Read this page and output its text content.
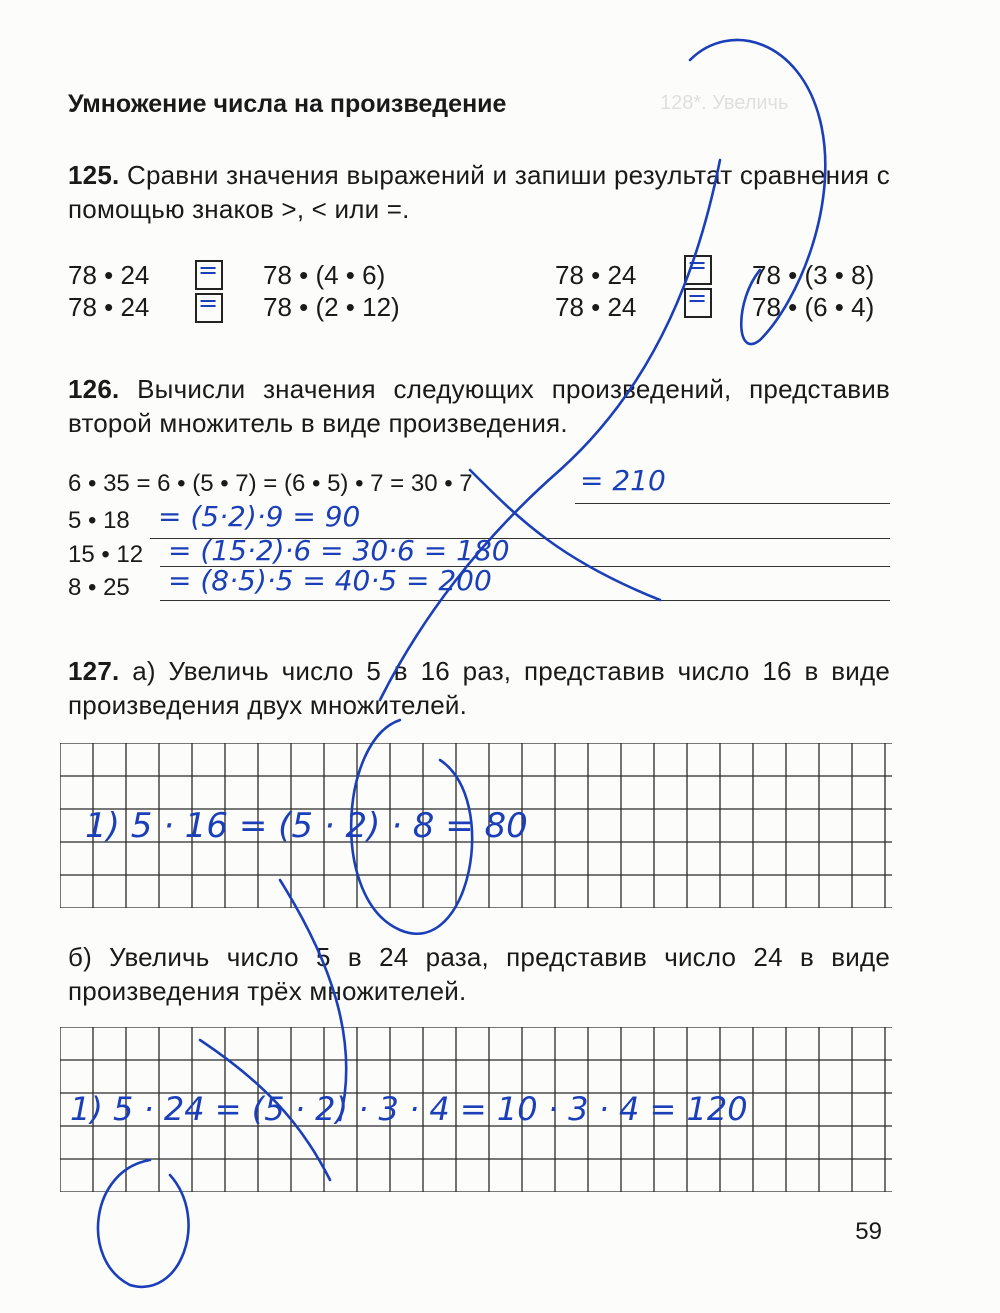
128*. Увеличь
Умножение числа на произведение
125. Сравни значения выражений и запиши результат сравнения с помощью знаков >, < или =.
78 • 24 = 78 • (4 • 6)
78 • 24 = 78 • (2 • 12)
78 • 24 = 78 • (3 • 8)
78 • 24 = 78 • (6 • 4)
126. Вычисли значения следующих произведений, представив второй множитель в виде произведения.
6 • 35 = 6 • (5 • 7) = (6 • 5) • 7 = 30 • 7	= 210
5 • 18 = (5·2)·9 = 90
15 • 12 = (15·2)·6 = 30·6 = 180
8 • 25 = (8·5)·5 = 40·5 = 200
127. а) Увеличь число 5 в 16 раз, представив число 16 в виде произведения двух множителей.
1) 5 · 16 = (5 · 2) · 8 = 80
б) Увеличь число 5 в 24 раза, представив число 24 в виде произведения трёх множителей.
1) 5 · 24 = (5 · 2) · 3 · 4 = 10 · 3 · 4 = 120
59
